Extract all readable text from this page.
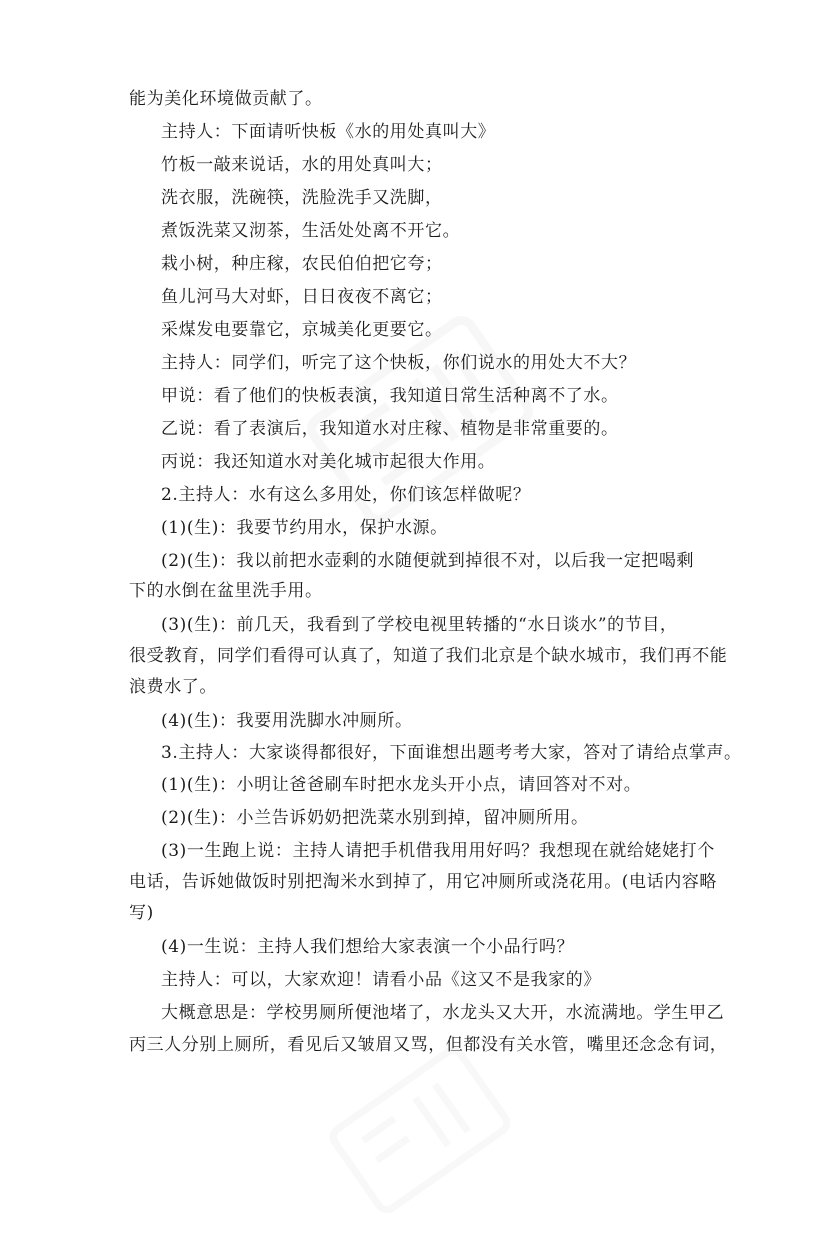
能为美化环境做贡献了。
主持人：下面请听快板《水的用处真叫大》
竹板一敲来说话，水的用处真叫大；
洗衣服，洗碗筷，洗脸洗手又洗脚，
煮饭洗菜又沏茶，生活处处离不开它。
栽小树，种庄稼，农民伯伯把它夸；
鱼儿河马大对虾，日日夜夜不离它；
采煤发电要靠它，京城美化更要它。
主持人：同学们，听完了这个快板，你们说水的用处大不大？
甲说：看了他们的快板表演，我知道日常生活种离不了水。
乙说：看了表演后，我知道水对庄稼、植物是非常重要的。
丙说：我还知道水对美化城市起很大作用。
2.主持人：水有这么多用处，你们该怎样做呢？
(1)(生)：我要节约用水，保护水源。
(2)(生)：我以前把水壶剩的水随便就到掉很不对，以后我一定把喝剩
下的水倒在盆里洗手用。
(3)(生)：前几天，我看到了学校电视里转播的“水日谈水”的节目，
很受教育，同学们看得可认真了，知道了我们北京是个缺水城市，我们再不能
浪费水了。
(4)(生)：我要用洗脚水冲厕所。
3.主持人：大家谈得都很好，下面谁想出题考考大家，答对了请给点掌声。
(1)(生)：小明让爸爸刷车时把水龙头开小点，请回答对不对。
(2)(生)：小兰告诉奶奶把洗菜水别到掉，留冲厕所用。
(3)一生跑上说：主持人请把手机借我用用好吗？我想现在就给姥姥打个
电话，告诉她做饭时别把淘米水到掉了，用它冲厕所或浇花用。(电话内容略
写)
(4)一生说：主持人我们想给大家表演一个小品行吗？
主持人：可以，大家欢迎！请看小品《这又不是我家的》
大概意思是：学校男厕所便池堵了，水龙头又大开，水流满地。学生甲乙
丙三人分别上厕所，看见后又皱眉又骂，但都没有关水管，嘴里还念念有词，
